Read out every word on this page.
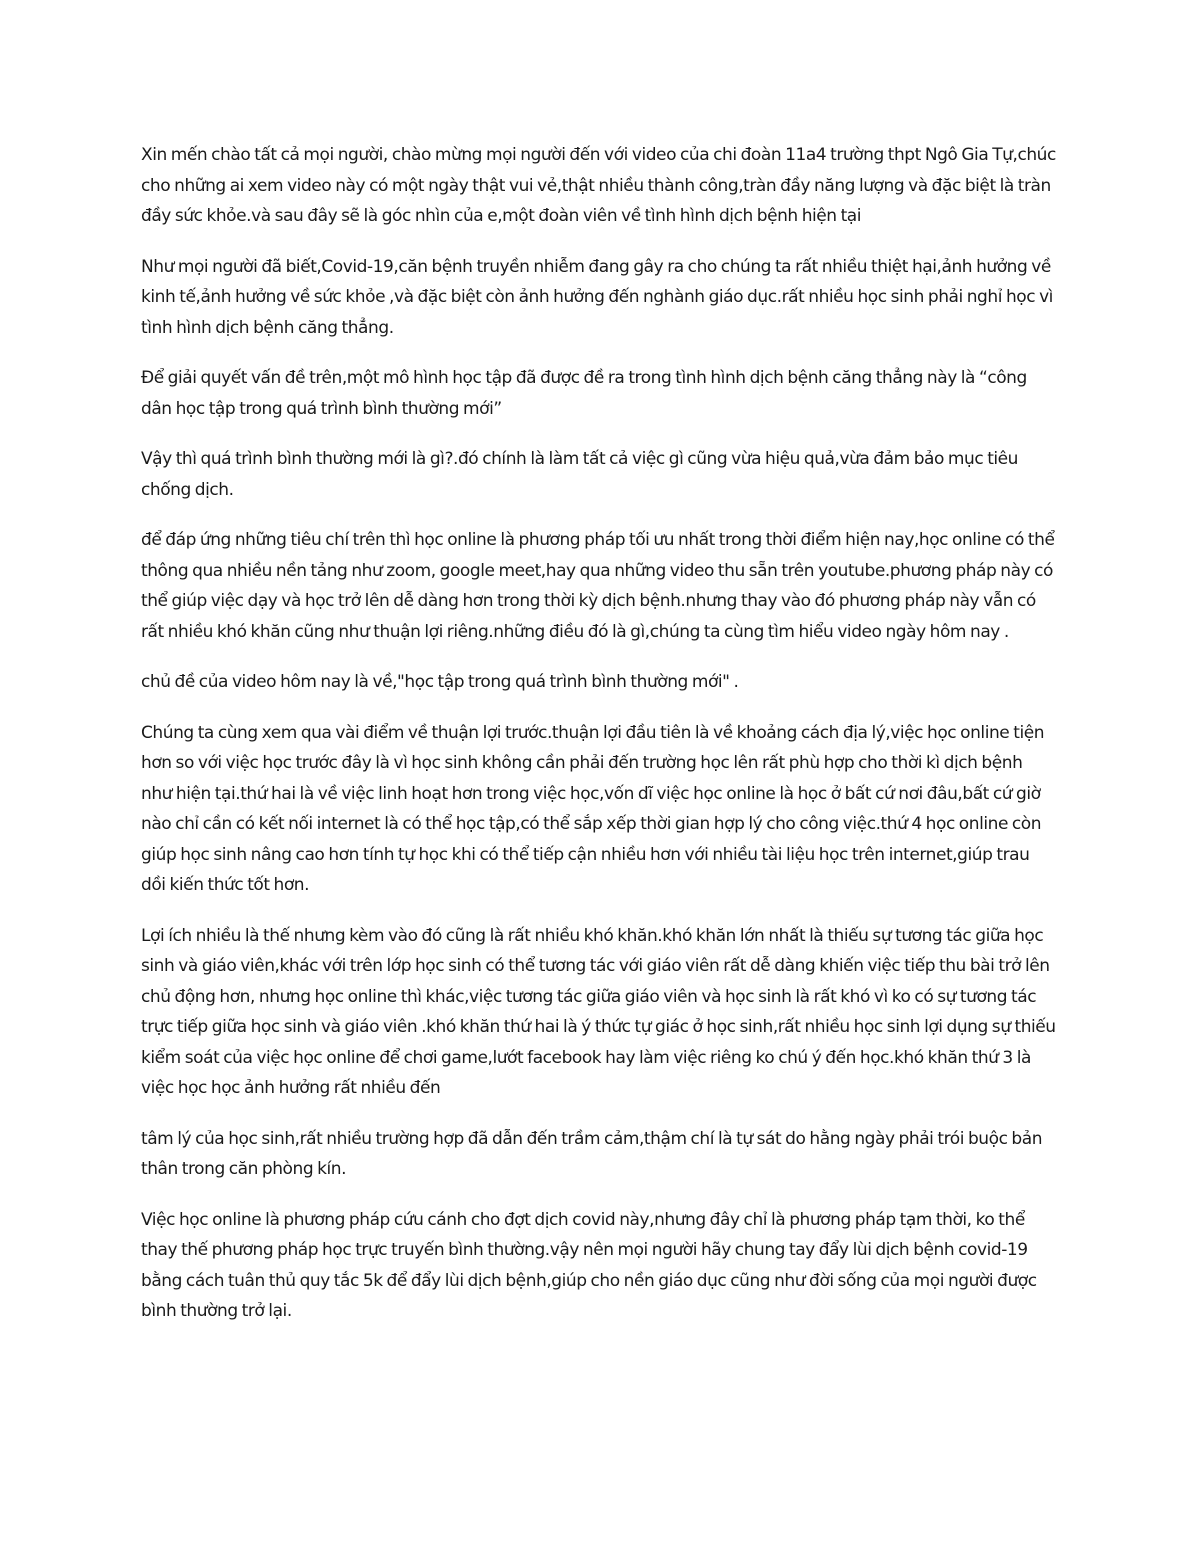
Xin mến chào tất cả mọi người, chào mừng mọi người đến với video của chi đoàn 11a4 trường thpt Ngô Gia Tự,chúc cho những ai xem video này có một ngày thật vui vẻ,thật nhiều thành công,tràn đầy năng lượng và đặc biệt là tràn đầy sức khỏe.và sau đây sẽ là góc nhìn của e,một đoàn viên về tình hình dịch bệnh hiện tại

Như mọi người đã biết,Covid-19,căn bệnh truyền nhiễm đang gây ra cho chúng ta rất nhiều thiệt hại,ảnh hưởng về kinh tế,ảnh hưởng về sức khỏe ,và đặc biệt còn ảnh hưởng đến nghành giáo dục.rất nhiều học sinh phải nghỉ học vì tình hình dịch bệnh căng thẳng.

Để giải quyết vấn đề trên,một mô hình học tập đã được đề ra trong tình hình dịch bệnh căng thẳng này là “công dân học tập trong quá trình bình thường mới”

Vậy thì quá trình bình thường mới là gì?.đó chính là làm tất cả việc gì cũng vừa hiệu quả,vừa đảm bảo mục tiêu chống dịch.

để đáp ứng những tiêu chí trên thì học online là phương pháp tối ưu nhất trong thời điểm hiện nay,học online có thể thông qua nhiều nền tảng như zoom, google meet,hay qua những video thu sẵn trên youtube.phương pháp này có thể giúp việc dạy và học trở lên dễ dàng hơn trong thời kỳ dịch bệnh.nhưng thay vào đó phương pháp này vẫn có rất nhiều khó khăn cũng như thuận lợi riêng.những điều đó là gì,chúng ta cùng tìm hiểu video ngày hôm nay .

chủ đề của video hôm nay là về,"học tập trong quá trình bình thường mới" .

Chúng ta cùng xem qua vài điểm về thuận lợi trước.thuận lợi đầu tiên là về khoảng cách địa lý,việc học online tiện hơn so với việc học trước đây là vì học sinh không cần phải đến trường học lên rất phù hợp cho thời kì dịch bệnh như hiện tại.thứ hai là về việc linh hoạt hơn trong việc học,vốn dĩ việc học online là học ở bất cứ nơi đâu,bất cứ giờ nào chỉ cần có kết nối internet là có thể học tập,có thể sắp xếp thời gian hợp lý cho công việc.thứ 4 học online còn giúp học sinh nâng cao hơn tính tự học khi có thể tiếp cận nhiều hơn với nhiều tài liệu học trên internet,giúp trau dồi kiến thức tốt hơn.

Lợi ích nhiều là thế nhưng kèm vào đó cũng là rất nhiều khó khăn.khó khăn lớn nhất là thiếu sự tương tác giữa học sinh và giáo viên,khác với trên lớp học sinh có thể tương tác với giáo viên rất dễ dàng khiến việc tiếp thu bài trở lên chủ động hơn, nhưng học online thì khác,việc tương tác giữa giáo viên và học sinh là rất khó vì ko có sự tương tác trực tiếp giữa học sinh và giáo viên .khó khăn thứ hai là ý thức tự giác ở học sinh,rất nhiều học sinh lợi dụng sự thiếu kiểm soát của việc học online để chơi game,lướt facebook hay làm việc riêng ko chú ý đến học.khó khăn thứ 3 là việc học học ảnh hưởng rất nhiều đến

tâm lý của học sinh,rất nhiều trường hợp đã dẫn đến trầm cảm,thậm chí là tự sát do hằng ngày phải trói buộc bản thân trong căn phòng kín.

Việc học online là phương pháp cứu cánh cho đợt dịch covid này,nhưng đây chỉ là phương pháp tạm thời, ko thể thay thế phương pháp học trực truyến bình thường.vậy nên mọi người hãy chung tay đẩy lùi dịch bệnh covid-19 bằng cách tuân thủ quy tắc 5k để đẩy lùi dịch bệnh,giúp cho nền giáo dục cũng như đời sống của mọi người được bình thường trở lại.
